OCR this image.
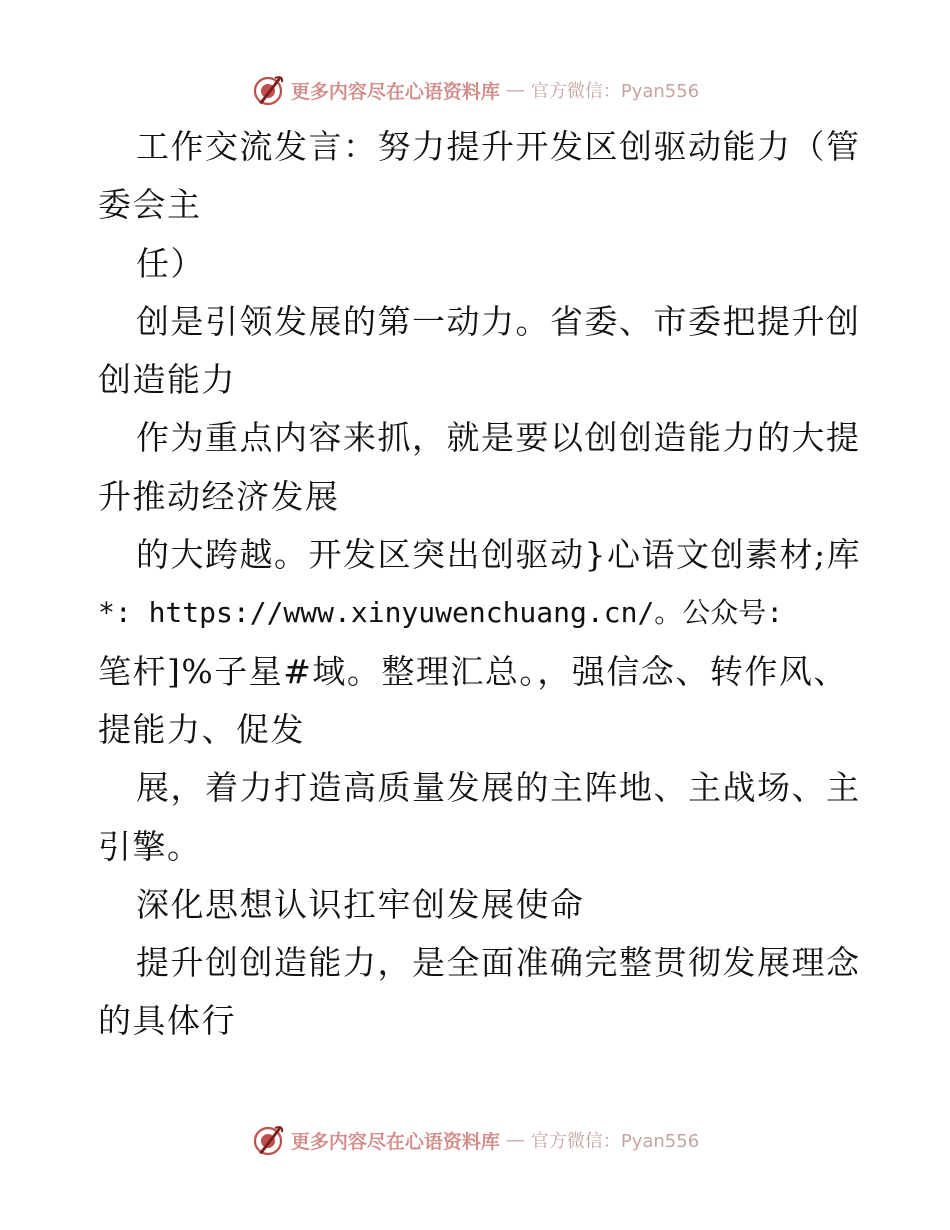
更多内容尽在心语资料库 — 官方微信：Pyan556
工作交流发言：努力提升开发区创驱动能力（管
委会主
任）
创是引领发展的第一动力。省委、市委把提升创
创造能力
作为重点内容来抓，就是要以创创造能力的大提
升推动经济发展
的大跨越。开发区突出创驱动}心语文创素材;库
*: https://www.xinyuwenchuang.cn/。公众号:
笔杆]%子星#域。整理汇总。，强信念、转作风、
提能力、促发
展，着力打造高质量发展的主阵地、主战场、主
引擎。
深化思想认识扛牢创发展使命
提升创创造能力，是全面准确完整贯彻发展理念
的具体行
更多内容尽在心语资料库 — 官方微信：Pyan556
